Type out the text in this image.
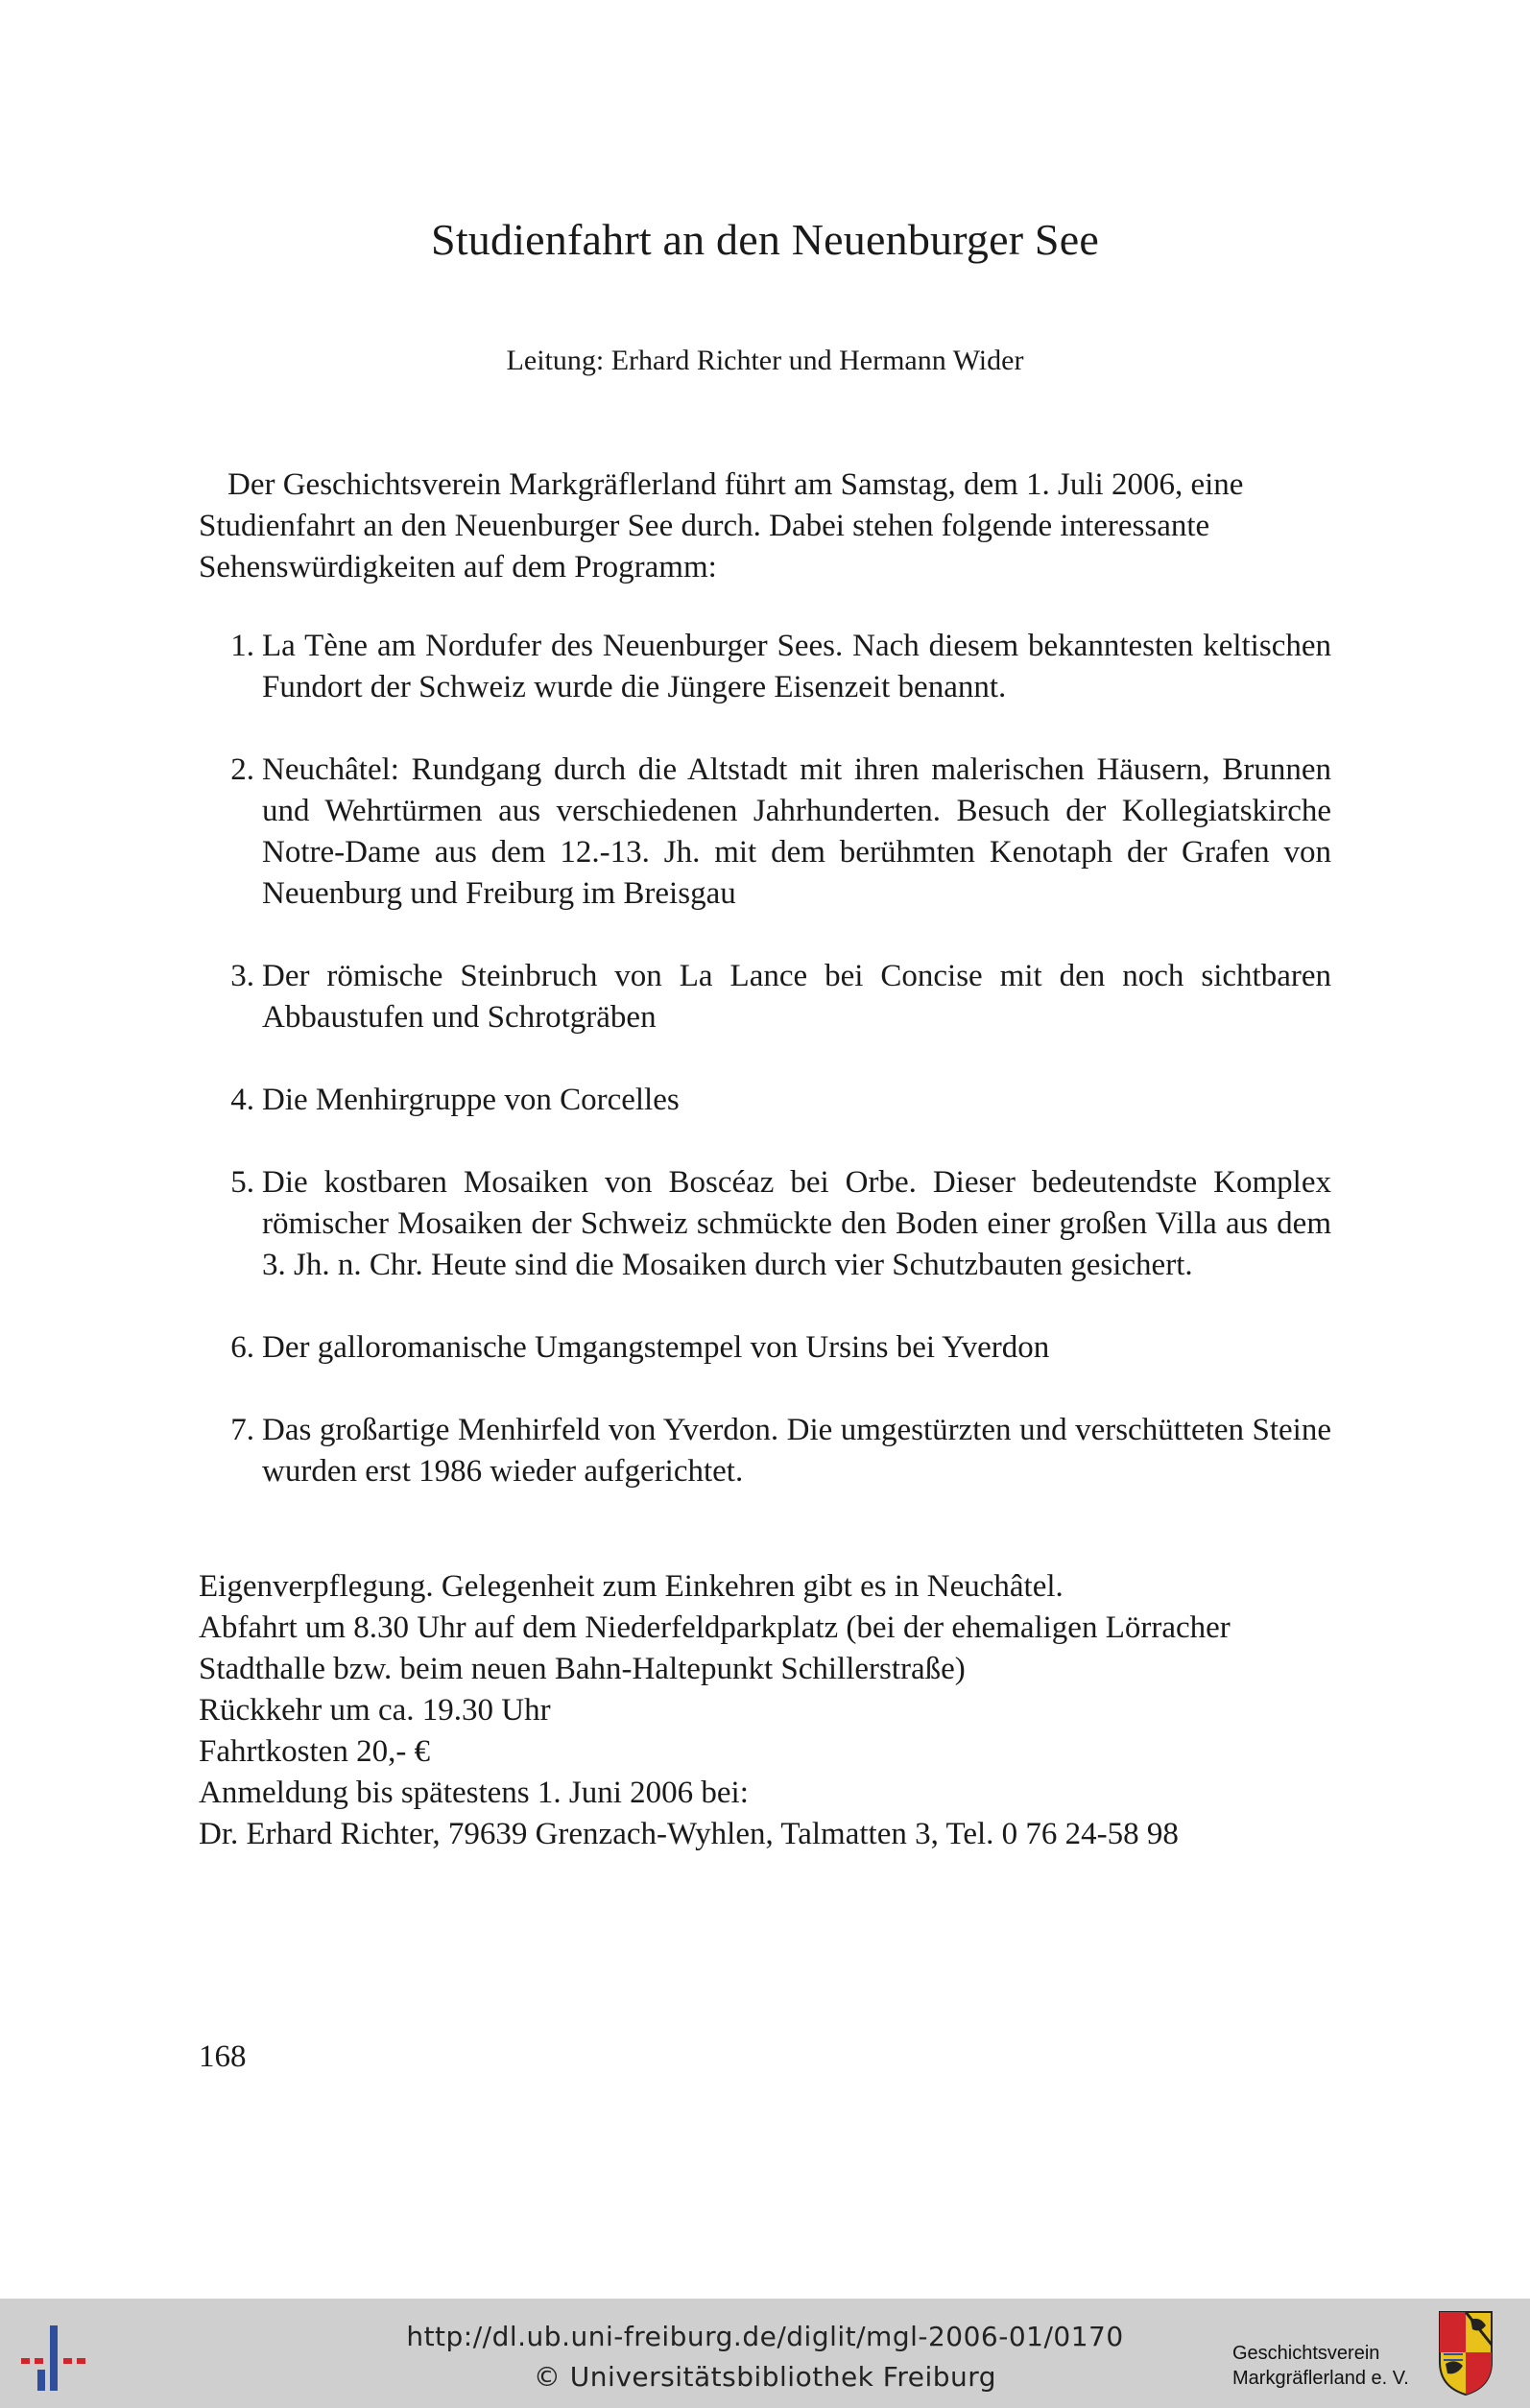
Studienfahrt an den Neuenburger See

Leitung: Erhard Richter und Hermann Wider

Der Geschichtsverein Markgräflerland führt am Samstag, dem 1. Juli 2006, eine Studienfahrt an den Neuenburger See durch. Dabei stehen folgende interessante Sehenswürdigkeiten auf dem Programm:

1. La Tène am Nordufer des Neuenburger Sees. Nach diesem bekanntesten keltischen Fundort der Schweiz wurde die Jüngere Eisenzeit benannt.
2. Neuchâtel: Rundgang durch die Altstadt mit ihren malerischen Häusern, Brunnen und Wehrtürmen aus verschiedenen Jahrhunderten. Besuch der Kollegiatskirche Notre-Dame aus dem 12.-13. Jh. mit dem berühmten Kenotaph der Grafen von Neuenburg und Freiburg im Breisgau
3. Der römische Steinbruch von La Lance bei Concise mit den noch sichtbaren Abbaustufen und Schrotgräben
4. Die Menhirgruppe von Corcelles
5. Die kostbaren Mosaiken von Boscéaz bei Orbe. Dieser bedeutendste Komplex römischer Mosaiken der Schweiz schmückte den Boden einer großen Villa aus dem 3. Jh. n. Chr. Heute sind die Mosaiken durch vier Schutzbauten gesichert.
6. Der galloromanische Umgangstempel von Ursins bei Yverdon
7. Das großartige Menhirfeld von Yverdon. Die umgestürzten und verschütteten Steine wurden erst 1986 wieder aufgerichtet.
Eigenverpflegung. Gelegenheit zum Einkehren gibt es in Neuchâtel.
Abfahrt um 8.30 Uhr auf dem Niederfeldparkplatz (bei der ehemaligen Lörracher
Stadthalle bzw. beim neuen Bahn-Haltepunkt Schillerstraße)
Rückkehr um ca. 19.30 Uhr
Fahrtkosten 20,- €
Anmeldung bis spätestens 1. Juni 2006 bei:
Dr. Erhard Richter, 79639 Grenzach-Wyhlen, Talmatten 3, Tel. 0 76 24-58 98

168

http://dl.ub.uni-freiburg.de/diglit/mgl-2006-01/0170
© Universitätsbibliothek Freiburg
Geschichtsverein
Markgräflerland e. V.
